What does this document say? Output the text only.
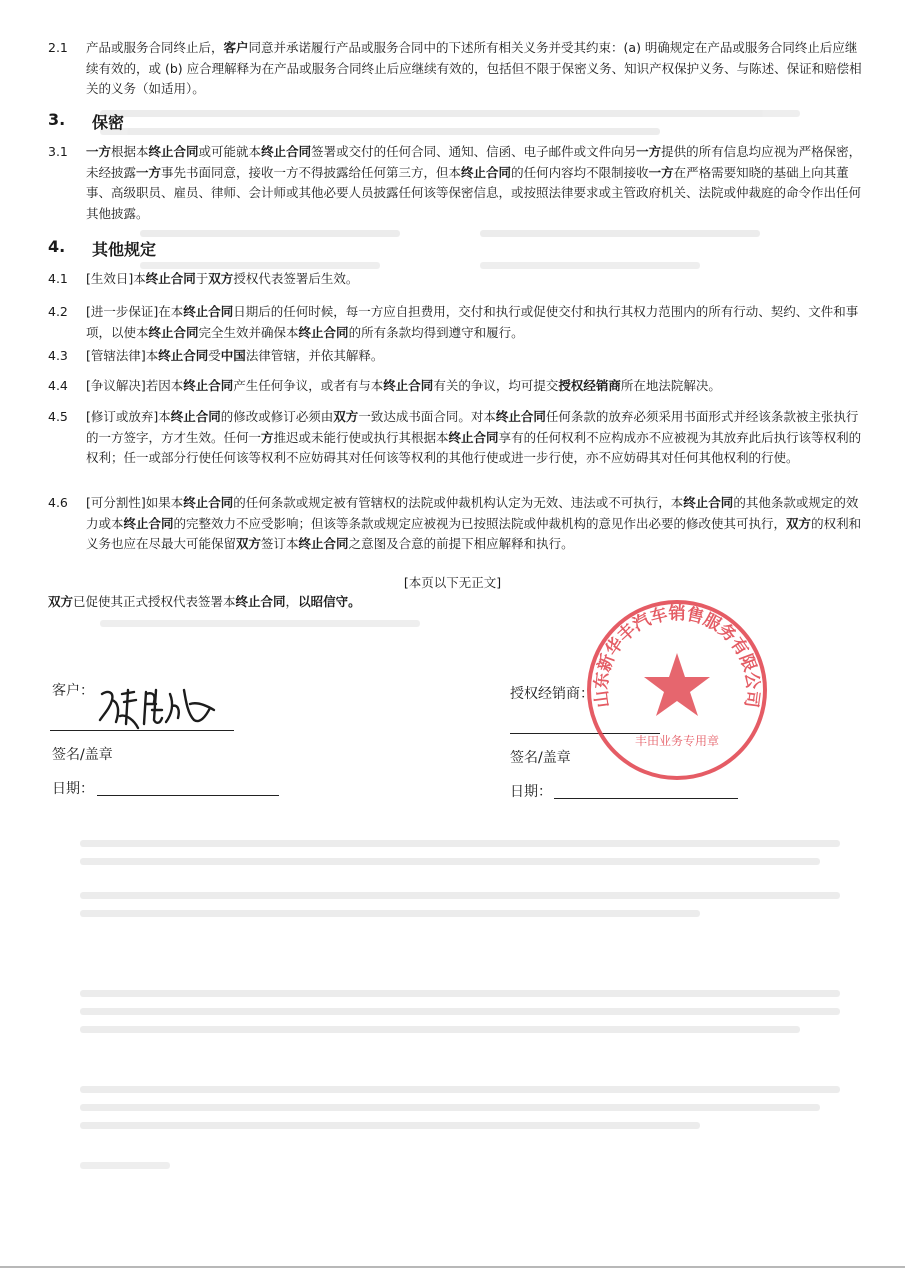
2.1	产品或服务合同终止后，客户同意并承诺履行产品或服务合同中的下述所有相关义务并受其约束：(a) 明确规定在产品或服务合同终止后应继续有效的，或 (b) 应合理解释为在产品或服务合同终止后应继续有效的，包括但不限于保密义务、知识产权保护义务、与陈述、保证和赔偿相关的义务（如适用）。
3.	保密
3.1	一方根据本终止合同或可能就本终止合同签署或交付的任何合同、通知、信函、电子邮件或文件向另一方提供的所有信息均应视为严格保密，未经披露一方事先书面同意，接收一方不得披露给任何第三方，但本终止合同的任何内容均不限制接收一方在严格需要知晓的基础上向其董事、高级职员、雇员、律师、会计师或其他必要人员披露任何该等保密信息，或按照法律要求或主管政府机关、法院或仲裁庭的命令作出任何其他披露。
4.	其他规定
4.1	[生效日]本终止合同于双方授权代表签署后生效。
4.2	[进一步保证]在本终止合同日期后的任何时候，每一方应自担费用，交付和执行或促使交付和执行其权力范围内的所有行动、契约、文件和事项，以使本终止合同完全生效并确保本终止合同的所有条款均得到遵守和履行。
4.3	[管辖法律]本终止合同受中国法律管辖，并依其解释。
4.4	[争议解决]若因本终止合同产生任何争议，或者有与本终止合同有关的争议，均可提交授权经销商所在地法院解决。
4.5	[修订或放弃]本终止合同的修改或修订必须由双方一致达成书面合同。对本终止合同任何条款的放弃必须采用书面形式并经该条款被主张执行的一方签字，方才生效。任何一方推迟或未能行使或执行其根据本终止合同享有的任何权利不应构成亦不应被视为其放弃此后执行该等权利的权利；任一或部分行使任何该等权利不应妨碍其对任何该等权利的其他行使或进一步行使，亦不应妨碍其对任何其他权利的行使。
4.6	[可分割性]如果本终止合同的任何条款或规定被有管辖权的法院或仲裁机构认定为无效、违法或不可执行，本终止合同的其他条款或规定的效力或本终止合同的完整效力不应受影响；但该等条款或规定应被视为已按照法院或仲裁机构的意见作出必要的修改使其可执行，双方的权利和义务也应在尽最大可能保留双方签订本终止合同之意图及合意的前提下相应解释和执行。
[本页以下无正文]
双方已促使其正式授权代表签署本终止合同，以昭信守。
客户：
签名/盖章
日期：
授权经销商：
签名/盖章
日期：
山东新华丰汽车销售服务有限公司
丰田业务专用章
